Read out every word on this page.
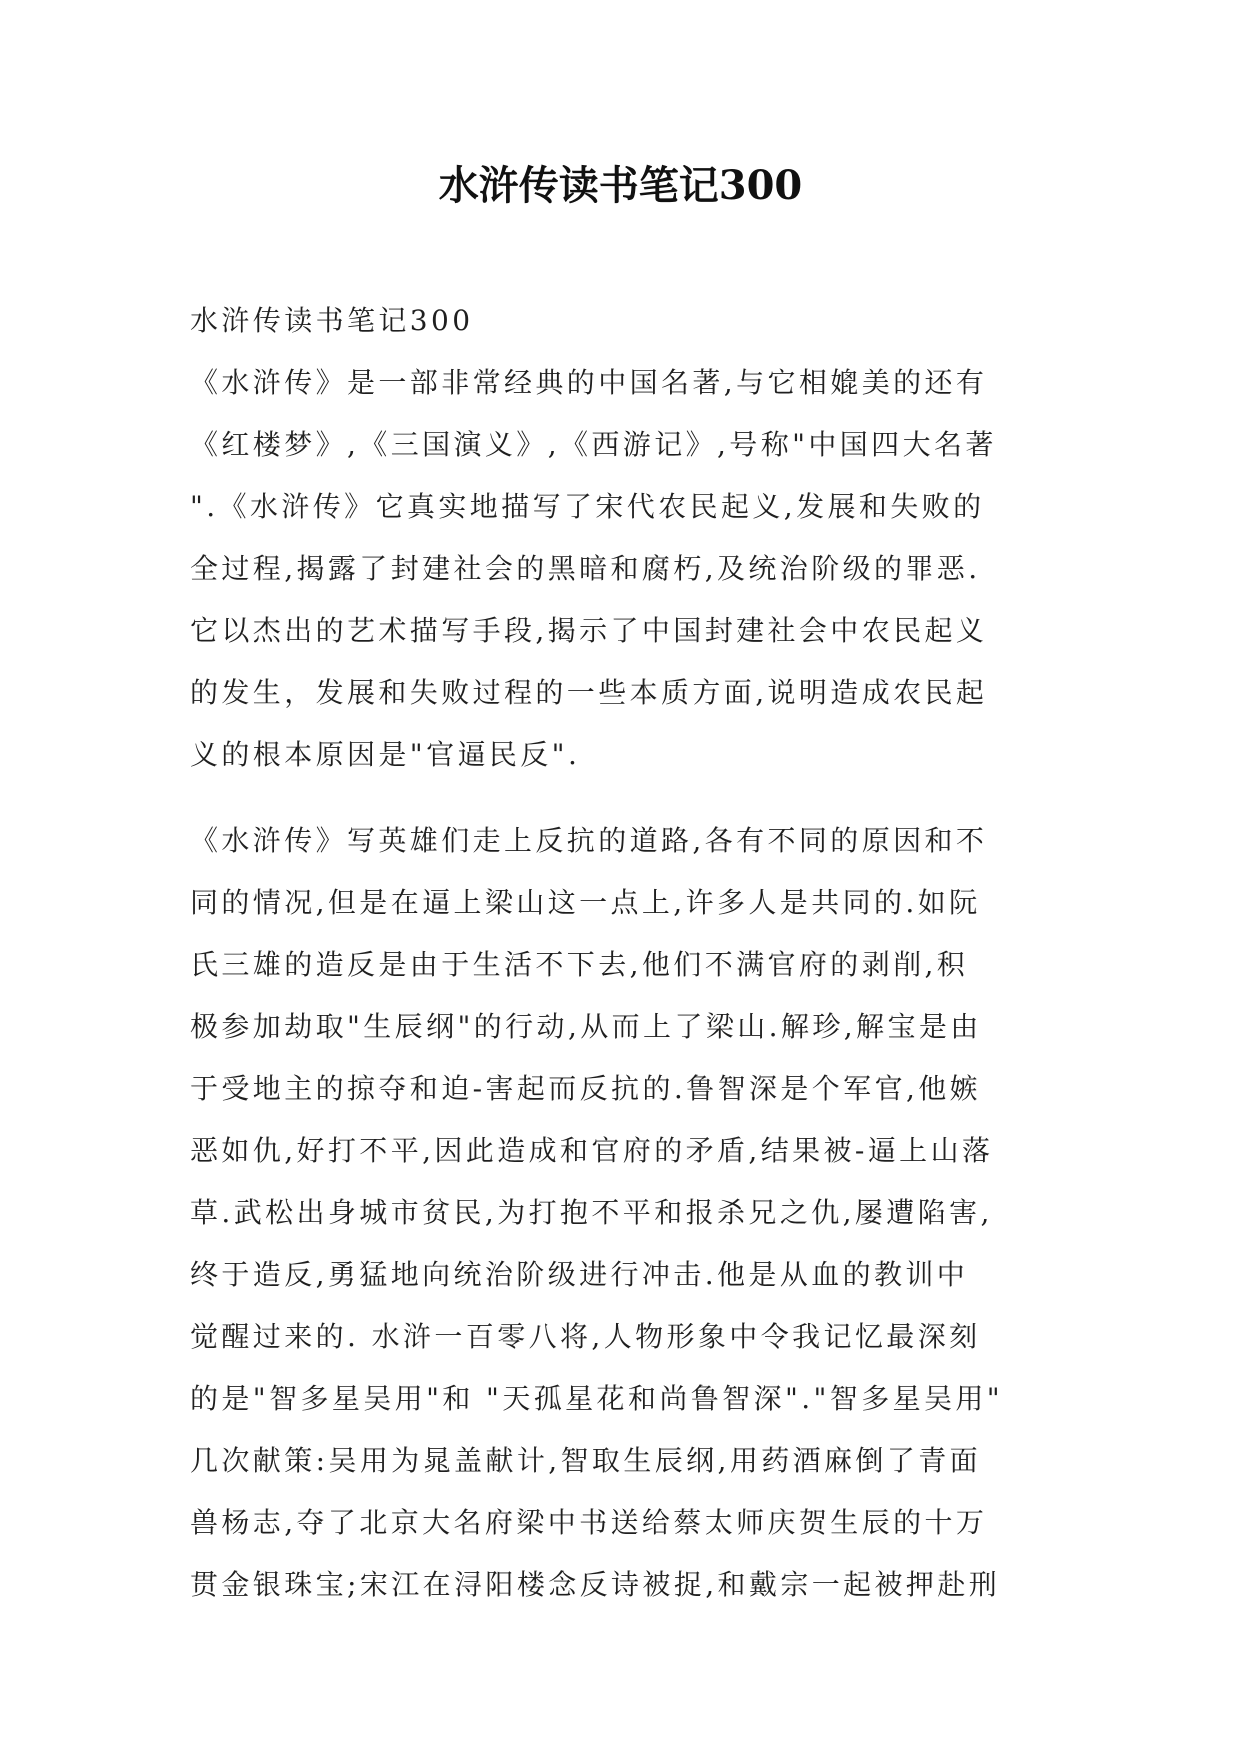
水浒传读书笔记300

水浒传读书笔记300

《水浒传》是一部非常经典的中国名著,与它相媲美的还有

《红楼梦》,《三国演义》,《西游记》,号称"中国四大名著

".《水浒传》它真实地描写了宋代农民起义,发展和失败的

全过程,揭露了封建社会的黑暗和腐朽,及统治阶级的罪恶.

它以杰出的艺术描写手段,揭示了中国封建社会中农民起义

的发生，发展和失败过程的一些本质方面,说明造成农民起

义的根本原因是"官逼民反".

《水浒传》写英雄们走上反抗的道路,各有不同的原因和不

同的情况,但是在逼上梁山这一点上,许多人是共同的.如阮

氏三雄的造反是由于生活不下去,他们不满官府的剥削,积

极参加劫取"生辰纲"的行动,从而上了梁山.解珍,解宝是由

于受地主的掠夺和迫-害起而反抗的.鲁智深是个军官,他嫉

恶如仇,好打不平,因此造成和官府的矛盾,结果被-逼上山落

草.武松出身城市贫民,为打抱不平和报杀兄之仇,屡遭陷害,

终于造反,勇猛地向统治阶级进行冲击.他是从血的教训中

觉醒过来的. 水浒一百零八将,人物形象中令我记忆最深刻

的是"智多星吴用"和 "天孤星花和尚鲁智深"."智多星吴用"

几次献策:吴用为晁盖献计,智取生辰纲,用药酒麻倒了青面

兽杨志,夺了北京大名府梁中书送给蔡太师庆贺生辰的十万

贯金银珠宝;宋江在浔阳楼念反诗被捉,和戴宗一起被押赴刑
